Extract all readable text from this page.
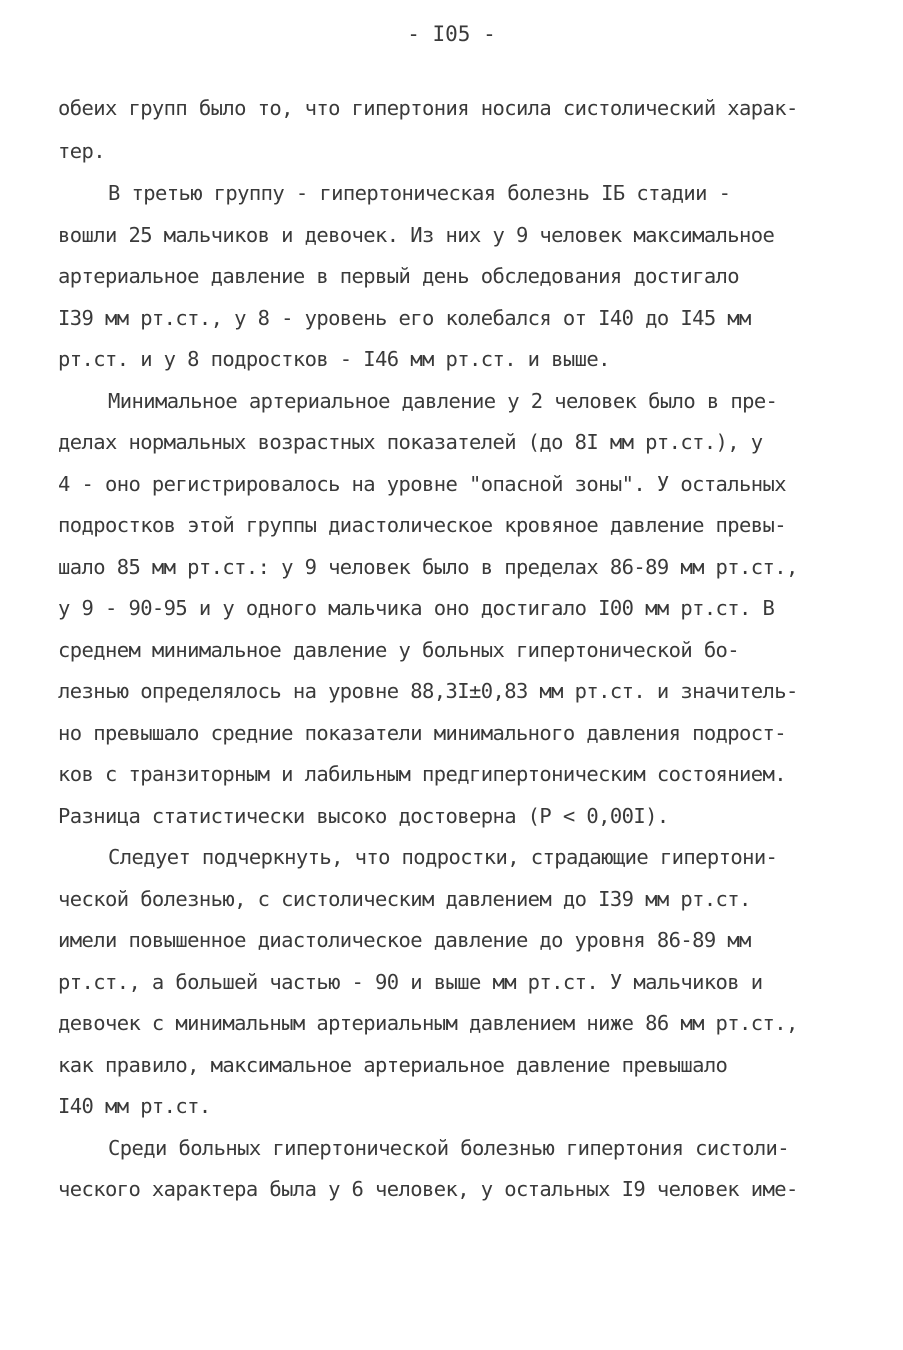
- I05 -
обеих групп было то, что гипертония носила систолический харак-
тер.
В третью группу - гипертоническая болезнь IБ стадии -
вошли 25 мальчиков и девочек. Из них у 9 человек максимальное
артериальное давление в первый день обследования достигало
I39 мм рт.ст., у 8 - уровень его колебался от I40 до I45 мм
рт.ст. и у 8 подростков - I46 мм рт.ст. и выше.
Минимальное артериальное давление у 2 человек было в пре-
делах нормальных возрастных показателей (до 8I мм рт.ст.), у
4 - оно регистрировалось на уровне "опасной зоны". У остальных
подростков этой группы диастолическое кровяное давление превы-
шало 85 мм рт.ст.: у 9 человек было в пределах 86-89 мм рт.ст.,
у 9 - 90-95 и у одного мальчика оно достигало I00 мм рт.ст. В
среднем минимальное давление у больных гипертонической бо-
лезнью определялось на уровне 88,3I±0,83 мм рт.ст. и значитель-
но превышало средние показатели минимального давления подрост-
ков с транзиторным и лабильным предгипертоническим состоянием.
Разница статистически высоко достоверна (P < 0,00I).
Следует подчеркнуть, что подростки, страдающие гипертони-
ческой болезнью, с систолическим давлением до I39 мм рт.ст.
имели повышенное диастолическое давление до уровня 86-89 мм
рт.ст., а большей частью - 90 и выше мм рт.ст. У мальчиков и
девочек с минимальным артериальным давлением ниже 86 мм рт.ст.,
как правило, максимальное артериальное давление превышало
I40 мм рт.ст.
Среди больных гипертонической болезнью гипертония систоли-
ческого характера была у 6 человек, у остальных I9 человек име-
